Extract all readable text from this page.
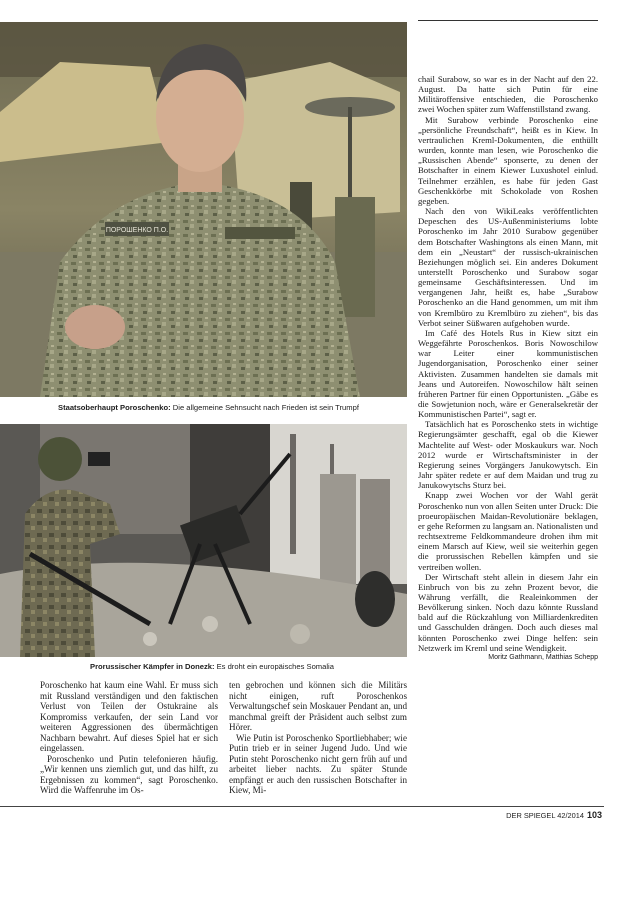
ПОРОШЕНКО П.О.
Staatsoberhaupt Poroschenko: Die allgemeine Sehnsucht nach Frieden ist sein Trumpf
Prorussischer Kämpfer in Donezk: Es droht ein europäisches Somalia

Poroschenko hat kaum eine Wahl. Er muss sich mit Russland verständigen und den faktischen Verlust von Teilen der Ostukraine als Kompromiss verkaufen, der sein Land vor weiteren Aggressionen des übermächtigen Nachbarn bewahrt. Auf dieses Spiel hat er sich eingelassen.

Poroschenko und Putin telefonieren häufig. „Wir kennen uns ziemlich gut, und das hilft, zu Ergebnissen zu kommen“, sagt Poroschenko. Wird die Waffenruhe im Os-

ten gebrochen und können sich die Militärs nicht einigen, ruft Poroschenkos Verwaltungschef sein Moskauer Pendant an, und manchmal greift der Präsident auch selbst zum Hörer.

Wie Putin ist Poroschenko Sportliebhaber; wie Putin trieb er in seiner Jugend Judo. Und wie Putin steht Poroschenko nicht gern früh auf und arbeitet lieber nachts. Zu später Stunde empfängt er auch den russischen Botschafter in Kiew, Mi-

chail Surabow, so war es in der Nacht auf den 22. August. Da hatte sich Putin für eine Militäroffensive entschieden, die Poroschenko zwei Wochen später zum Waffenstillstand zwang.

Mit Surabow verbinde Poroschenko eine „persönliche Freundschaft“, heißt es in Kiew. In vertraulichen Kreml-Dokumenten, die enthüllt wurden, konnte man lesen, wie Poroschenko die „Russischen Abende“ sponserte, zu denen der Botschafter in einem Kiewer Luxushotel einlud. Teilnehmer erzählen, es habe für jeden Gast Geschenkkörbe mit Schokolade von Roshen gegeben.

Nach den von WikiLeaks veröffentlichten Depeschen des US-Außenministeriums lobte Poroschenko im Jahr 2010 Surabow gegenüber dem Botschafter Washingtons als einen Mann, mit dem ein „Neustart“ der russisch-ukrainischen Beziehungen möglich sei. Ein anderes Dokument unterstellt Poroschenko und Surabow sogar gemeinsame Geschäftsinteressen. Und im vergangenen Jahr, heißt es, habe „Surabow Poroschenko an die Hand genommen, um mit ihm von Kremlbüro zu Kremlbüro zu ziehen“, bis das Verbot seiner Süßwaren aufgehoben wurde.

Im Café des Hotels Rus in Kiew sitzt ein Weggefährte Poroschenkos. Boris Nowoschilow war Leiter einer kommunistischen Jugendorganisation, Poroschenko einer seiner Aktivisten. Zusammen handelten sie damals mit Jeans und Autoreifen. Nowoschilow hält seinen früheren Partner für einen Opportunisten. „Gäbe es die Sowjetunion noch, wäre er Generalsekretär der Kommunistischen Partei“, sagt er.

Tatsächlich hat es Poroschenko stets in wichtige Regierungsämter geschafft, egal ob die Kiewer Machtelite auf West- oder Moskaukurs war. Noch 2012 wurde er Wirtschaftsminister in der Regierung seines Vorgängers Janukowytsch. Ein Jahr später redete er auf dem Maidan und trug zu Janukowytschs Sturz bei.

Knapp zwei Wochen vor der Wahl gerät Poroschenko nun von allen Seiten unter Druck: Die proeuropäischen Maidan-Revolutionäre beklagen, er gehe Reformen zu langsam an. Nationalisten und rechtsextreme Feldkommandeure drohen ihm mit einem Marsch auf Kiew, weil sie weiterhin gegen die prorussischen Rebellen kämpfen und sie vertreiben wollen.

Der Wirtschaft steht allein in diesem Jahr ein Einbruch von bis zu zehn Prozent bevor, die Währung verfällt, die Realeinkommen der Bevölkerung sinken. Noch dazu könnte Russland bald auf die Rückzahlung von Milliardenkrediten und Gasschulden drängen. Doch auch dieses mal könnten Poroschenko zwei Dinge helfen: sein Netzwerk im Kreml und seine Wendigkeit.
Moritz Gathmann, Matthias Schepp

DER SPIEGEL 42/2014 103
